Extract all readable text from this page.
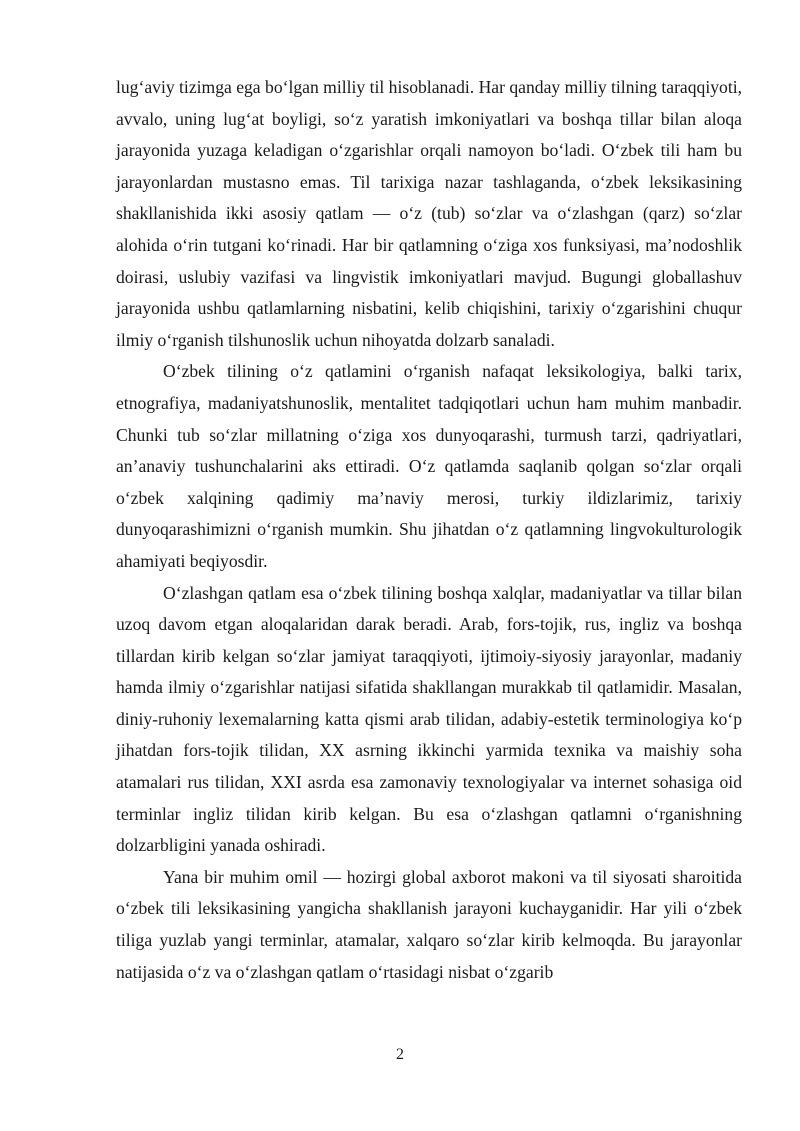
lug‘aviy tizimga ega bo‘lgan milliy til hisoblanadi. Har qanday milliy tilning taraqqiyoti, avvalo, uning lug‘at boyligi, so‘z yaratish imkoniyatlari va boshqa tillar bilan aloqa jarayonida yuzaga keladigan o‘zgarishlar orqali namoyon bo‘ladi. O‘zbek tili ham bu jarayonlardan mustasno emas. Til tarixiga nazar tashlaganda, o‘zbek leksikasining shakllanishida ikki asosiy qatlam — o‘z (tub) so‘zlar va o‘zlashgan (qarz) so‘zlar alohida o‘rin tutgani ko‘rinadi. Har bir qatlamning o‘ziga xos funksiyasi, ma’nodoshlik doirasi, uslubiy vazifasi va lingvistik imkoniyatlari mavjud. Bugungi globallashuv jarayonida ushbu qatlamlarning nisbatini, kelib chiqishini, tarixiy o‘zgarishini chuqur ilmiy o‘rganish tilshunoslik uchun nihoyatda dolzarb sanaladi.

O‘zbek tilining o‘z qatlamini o‘rganish nafaqat leksikologiya, balki tarix, etnografiya, madaniyatshunoslik, mentalitet tadqiqotlari uchun ham muhim manbadir. Chunki tub so‘zlar millatning o‘ziga xos dunyoqarashi, turmush tarzi, qadriyatlari, an’anaviy tushunchalarini aks ettiradi. O‘z qatlamda saqlanib qolgan so‘zlar orqali o‘zbek xalqining qadimiy ma’naviy merosi, turkiy ildizlarimiz, tarixiy dunyoqarashimizni o‘rganish mumkin. Shu jihatdan o‘z qatlamning lingvokulturologik ahamiyati beqiyosdir.

O‘zlashgan qatlam esa o‘zbek tilining boshqa xalqlar, madaniyatlar va tillar bilan uzoq davom etgan aloqalaridan darak beradi. Arab, fors-tojik, rus, ingliz va boshqa tillardan kirib kelgan so‘zlar jamiyat taraqqiyoti, ijtimoiy-siyosiy jarayonlar, madaniy hamda ilmiy o‘zgarishlar natijasi sifatida shakllangan murakkab til qatlamidir. Masalan, diniy-ruhoniy lexemalarning katta qismi arab tilidan, adabiy-estetik terminologiya ko‘p jihatdan fors-tojik tilidan, XX asrning ikkinchi yarmida texnika va maishiy soha atamalari rus tilidan, XXI asrda esa zamonaviy texnologiyalar va internet sohasiga oid terminlar ingliz tilidan kirib kelgan. Bu esa o‘zlashgan qatlamni o‘rganishning dolzarbligini yanada oshiradi.

Yana bir muhim omil — hozirgi global axborot makoni va til siyosati sharoitida o‘zbek tili leksikasining yangicha shakllanish jarayoni kuchayganidir. Har yili o‘zbek tiliga yuzlab yangi terminlar, atamalar, xalqaro so‘zlar kirib kelmoqda. Bu jarayonlar natijasida o‘z va o‘zlashgan qatlam o‘rtasidagi nisbat o‘zgarib

2
